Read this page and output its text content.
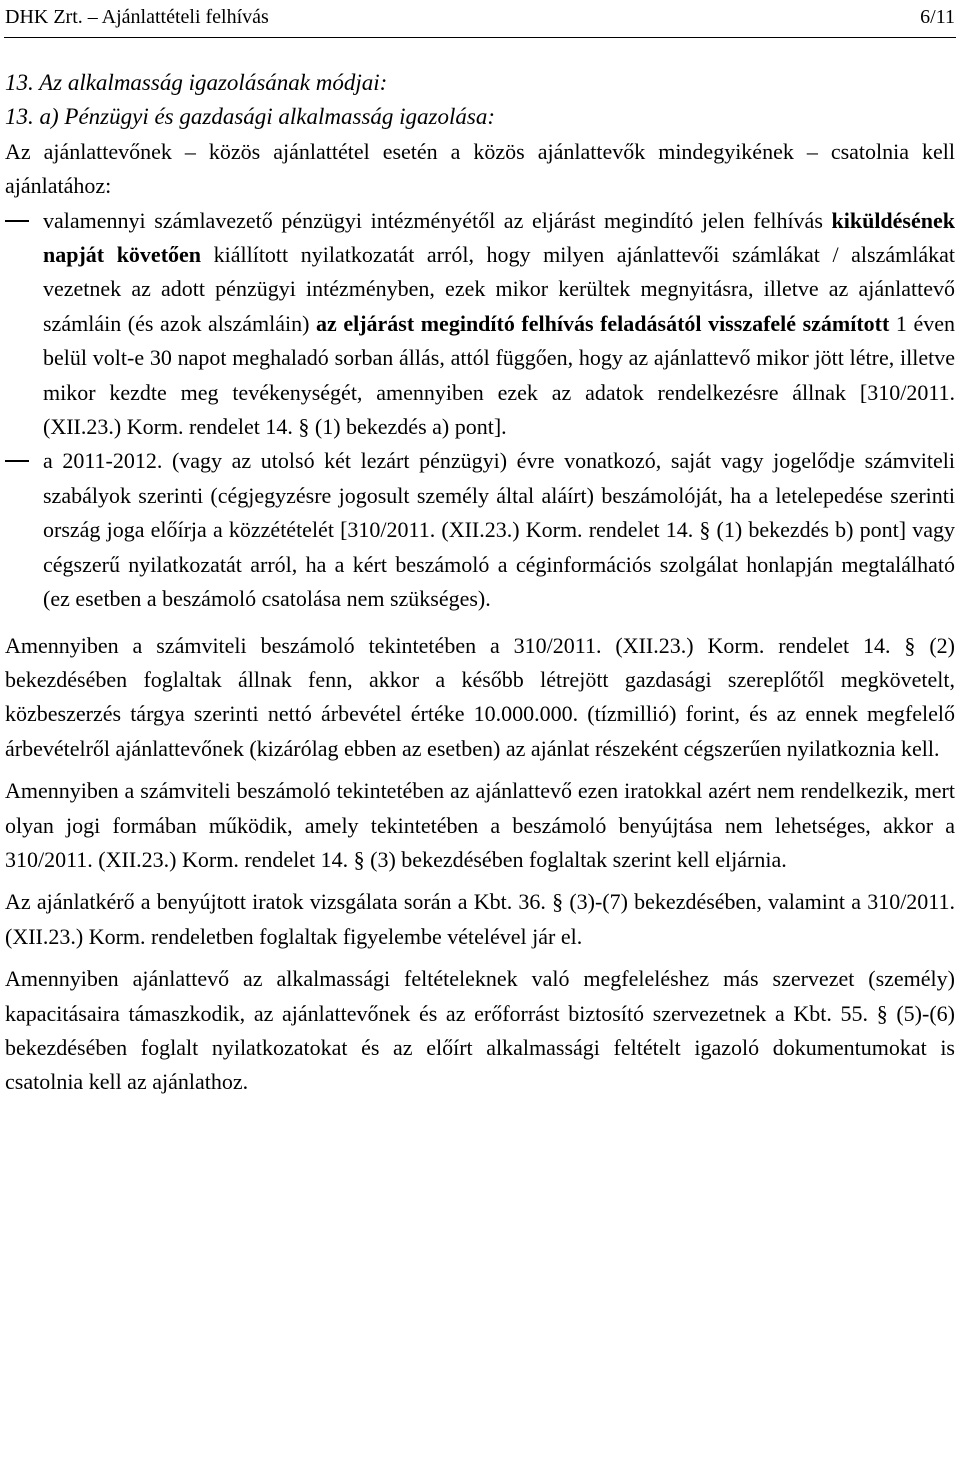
DHK Zrt. – Ajánlattételi felhívás	6/11
13. Az alkalmasság igazolásának módjai:
13. a) Pénzügyi és gazdasági alkalmasság igazolása:
Az ajánlattevőnek – közös ajánlattétel esetén a közös ajánlattevők mindegyikének – csatolnia kell ajánlatához:
valamennyi számlavezető pénzügyi intézményétől az eljárást megindító jelen felhívás kiküldésének napját követően kiállított nyilatkozatát arról, hogy milyen ajánlattevői számlákat / alszámlákat vezetnek az adott pénzügyi intézményben, ezek mikor kerültek megnyitásra, illetve az ajánlattevő számláin (és azok alszámláin) az eljárást megindító felhívás feladásától visszafelé számított 1 éven belül volt-e 30 napot meghaladó sorban állás, attól függően, hogy az ajánlattevő mikor jött létre, illetve mikor kezdte meg tevékenységét, amennyiben ezek az adatok rendelkezésre állnak [310/2011. (XII.23.) Korm. rendelet 14. § (1) bekezdés a) pont].
a 2011-2012. (vagy az utolsó két lezárt pénzügyi) évre vonatkozó, saját vagy jogelődje számviteli szabályok szerinti (cégjegyzésre jogosult személy által aláírt) beszámolóját, ha a letelepedése szerinti ország joga előírja a közzétételét [310/2011. (XII.23.) Korm. rendelet 14. § (1) bekezdés b) pont] vagy cégszerű nyilatkozatát arról, ha a kért beszámoló a céginformációs szolgálat honlapján megtalálható (ez esetben a beszámoló csatolása nem szükséges).
Amennyiben a számviteli beszámoló tekintetében a 310/2011. (XII.23.) Korm. rendelet 14. § (2) bekezdésében foglaltak állnak fenn, akkor a később létrejött gazdasági szereplőtől megkövetelt, közbeszerzés tárgya szerinti nettó árbevétel értéke 10.000.000. (tízmillió) forint, és az ennek megfelelő árbevételről ajánlattevőnek (kizárólag ebben az esetben) az ajánlat részeként cégszerűen nyilatkoznia kell.
Amennyiben a számviteli beszámoló tekintetében az ajánlattevő ezen iratokkal azért nem rendelkezik, mert olyan jogi formában működik, amely tekintetében a beszámoló benyújtása nem lehetséges, akkor a 310/2011. (XII.23.) Korm. rendelet 14. § (3) bekezdésében foglaltak szerint kell eljárnia.
Az ajánlatkérő a benyújtott iratok vizsgálata során a Kbt. 36. § (3)-(7) bekezdésében, valamint a 310/2011. (XII.23.) Korm. rendeletben foglaltak figyelembe vételével jár el.
Amennyiben ajánlattevő az alkalmassági feltételeknek való megfeleléshez más szervezet (személy) kapacitásaira támaszkodik, az ajánlattevőnek és az erőforrást biztosító szervezetnek a Kbt. 55. § (5)-(6) bekezdésében foglalt nyilatkozatokat és az előírt alkalmassági feltételt igazoló dokumentumokat is csatolnia kell az ajánlathoz.
